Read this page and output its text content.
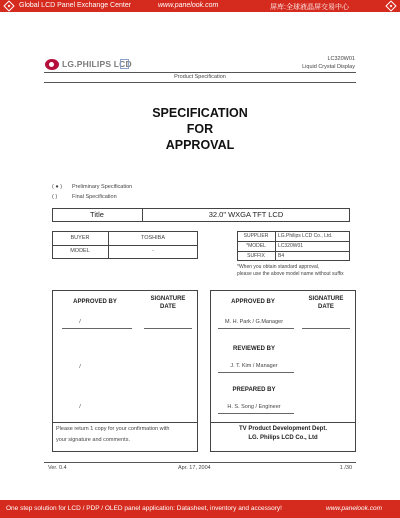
Global LCD Panel Exchange Center	www.panelook.com	屏库:全球液晶屏交易中心
LG.PHILIPS LCD	LC320W01
Liquid Crystal Display
Product Specification
SPECIFICATION
FOR
APPROVAL
( ● ) Preliminary Specification
( )	Final Specification
Title	32.0" WXGA TFT LCD
BUYER	TOSHIBA
MODEL	-
SUPPLIER	LG.Philips LCD Co., Ltd.
*MODEL	LC320W01
SUFFIX	B4
*When you obtain standard approval,
please use the above model name without suffix
APPROVED BY	SIGNATURE
DATE
/
/
/
Please return 1 copy for your confirmation with
your signature and comments.
APPROVED BY	SIGNATURE
DATE
M. H. Park / G.Manager
REVIEWED BY
J. T. Kim / Manager
PREPARED BY
H. S. Song / Engineer
TV Product Development Dept.
LG. Philips LCD Co., Ltd
Ver. 0.4	Apr. 17, 2004	1 /30
One step solution for LCD / PDP / OLED panel application: Datasheet, inventory and accessory!	www.panelook.com
